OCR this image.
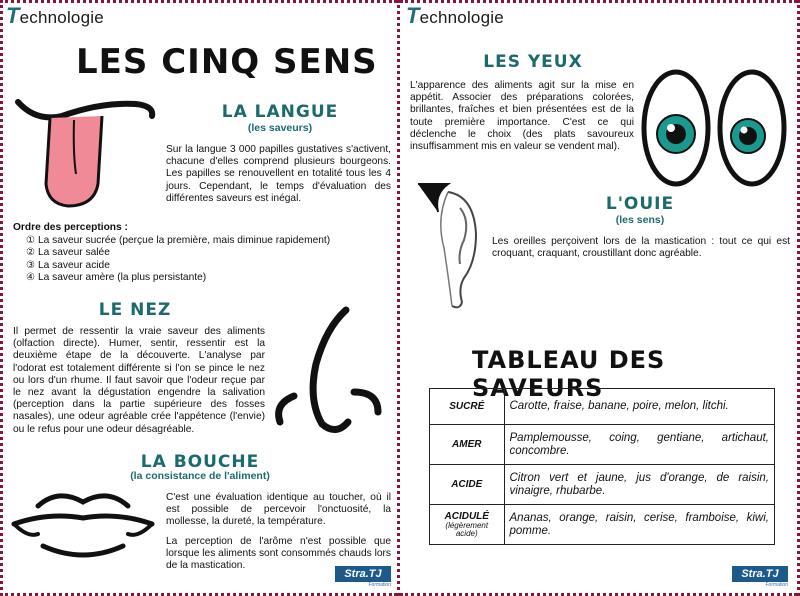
Technologie
LES CINQ SENS
LA LANGUE
(les saveurs)
Sur la langue 3 000 papilles gustatives s'activent, chacune d'elles comprend plusieurs bourgeons. Les papilles se renouvellent en totalité tous les 4 jours. Cependant, le temps d'évaluation des différentes saveurs est inégal.
Ordre des perceptions :
① La saveur sucrée (perçue la première, mais diminue rapidement)
② La saveur salée
③ La saveur acide
④ La saveur amère (la plus persistante)
LE NEZ
Il permet de ressentir la vraie saveur des aliments (olfaction directe). Humer, sentir, ressentir est la deuxième étape de la découverte. L'analyse par l'odorat est totalement différente si l'on se pince le nez ou lors d'un rhume. Il faut savoir que l'odeur reçue par le nez avant la dégustation engendre la salivation (perception dans la partie supérieure des fosses nasales), une odeur agréable crée l'appétence (l'envie) ou le refus pour une odeur désagréable.
LA BOUCHE
(la consistance de l'aliment)
C'est une évaluation identique au toucher, où il est possible de percevoir l'onctuosité, la mollesse, la dureté, la température.
La perception de l'arôme n'est possible que lorsque les aliments sont consommés chauds lors de la mastication.
Stra.TJ
Formation
Technologie
LES YEUX
L'apparence des aliments agit sur la mise en appétit. Associer des préparations colorées, brillantes, fraîches et bien présentées est de la toute première importance. C'est ce qui déclenche le choix (des plats savoureux insuffisamment mis en valeur se vendent mal).
L'OUIE
(les sens)
Les oreilles perçoivent lors de la mastication : tout ce qui est croquant, craquant, croustillant donc agréable.
TABLEAU DES SAVEURS
SUCRÉ	Carotte, fraise, banane, poire, melon, litchi.
AMER	Pamplemousse, coing, gentiane, artichaut, concombre.
ACIDE	Citron vert et jaune, jus d'orange, de raisin, vinaigre, rhubarbe.
ACIDULÉ
(légèrement acide)	Ananas, orange, raisin, cerise, framboise, kiwi, pomme.
Stra.TJ
Formation
